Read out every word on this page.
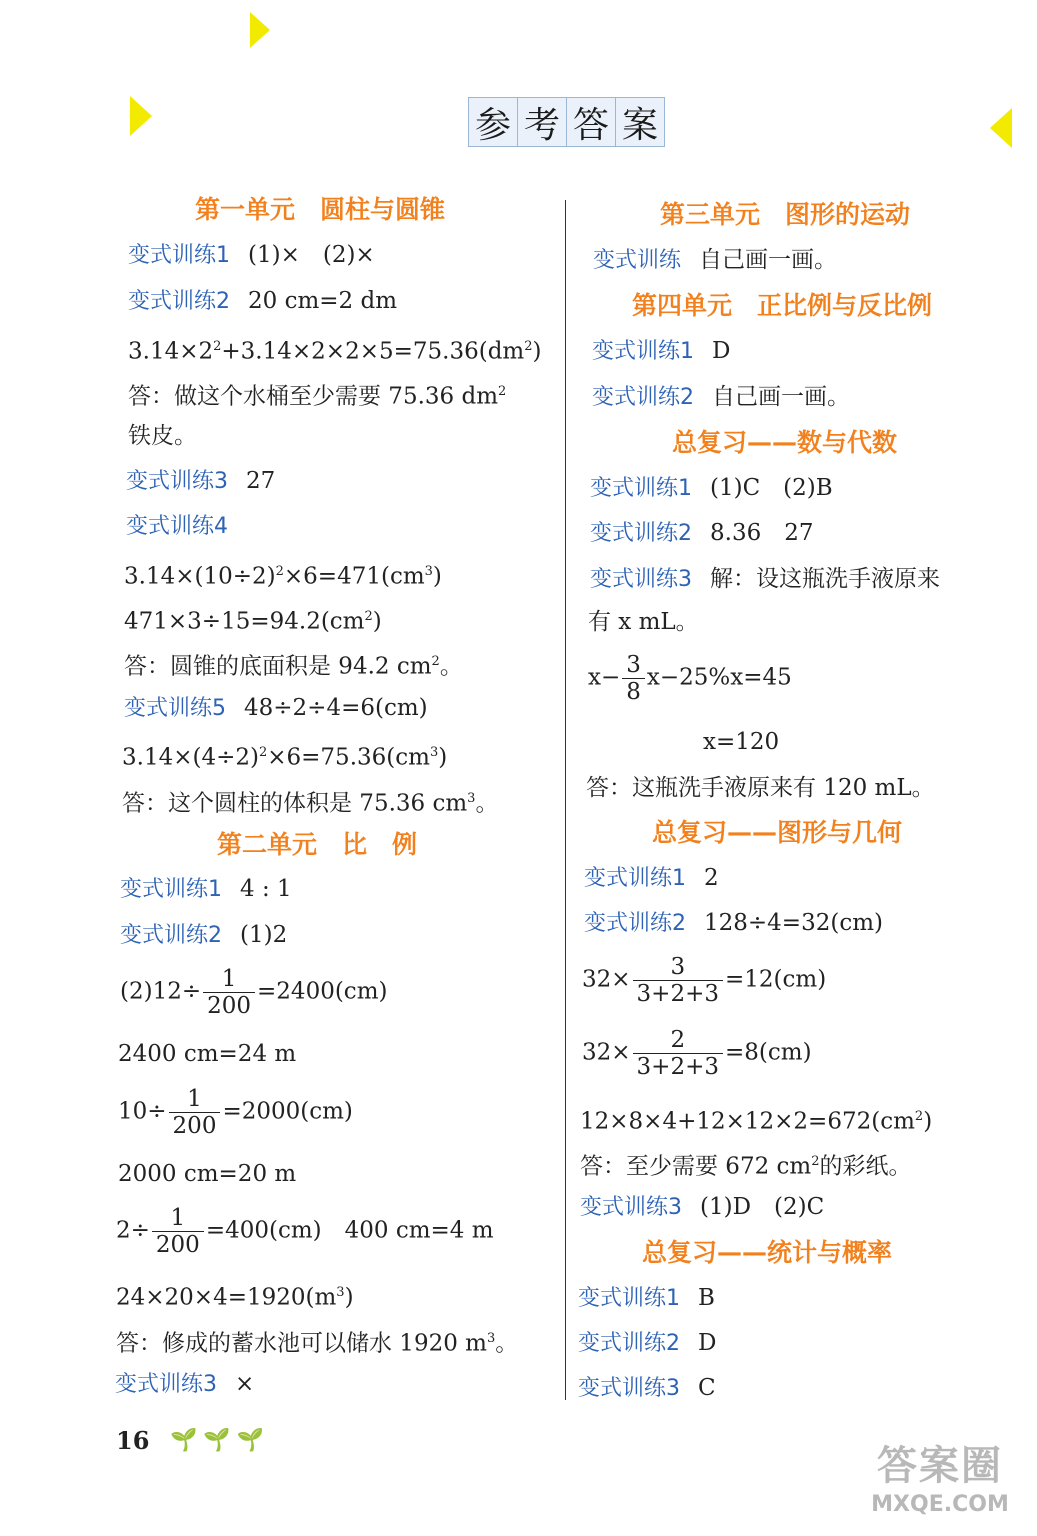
参 考 答 案
第一单元　圆柱与圆锥
变式训练1 (1)×　(2)×
变式训练2 20 cm=2 dm
$3.14\times 2^2+3.14\times 2\times 2\times 5=75.36(dm^2)$
答：做这个水桶至少需要 75.36 $dm^2$
铁皮。
变式训练3 27
变式训练4
$3.14\times(10\div 2)^2\times 6=471(cm^3)$
$471\times 3\div 15=94.2(cm^2)$
答：圆锥的底面积是 94.2 $cm^2$。
变式训练5 48÷2÷4=6(cm)
$3.14\times(4\div 2)^2\times 6=75.36(cm^3)$
答：这个圆柱的体积是 75.36 $cm^3$。
第二单元　比　例
变式训练1 4 : 1
变式训练2 (1)2
$(2)12\div \frac{1}{200} =2400(cm)$
2400 cm=24 m
$10\div \frac{1}{200} =2000(cm)$
2000 cm=20 m
$2\div \frac{1}{200} =400(cm)$　400 cm=4 m
$24\times 20\times 4=1920(m^3)$
答：修成的蓄水池可以储水 1920 $m^3$。
变式训练3 ×
第三单元　图形的运动
变式训练 自己画一画。
第四单元　正比例与反比例
变式训练1 D
变式训练2 自己画一画。
总复习——数与代数
变式训练1 (1)C　(2)B
变式训练2 8.36　27
变式训练3 解：设这瓶洗手液原来
有 x mL。
$x- \frac{3}{8} x-25\%x=45$
x=120
答：这瓶洗手液原来有 120 mL。
总复习——图形与几何
变式训练1 2
变式训练2 128÷4=32(cm)
$32\times \frac{3}{3+2+3} =12(cm)$
$32\times \frac{2}{3+2+3} =8(cm)$
$12\times 8\times 4+12\times 12\times 2=672(cm^2)$
答：至少需要 672 $cm^2$的彩纸。
变式训练3 (1)D　(2)C
总复习——统计与概率
变式训练1 B
变式训练2 D
变式训练3 C
16 🌱🌱🌱
答案圈
MXQE.COM
